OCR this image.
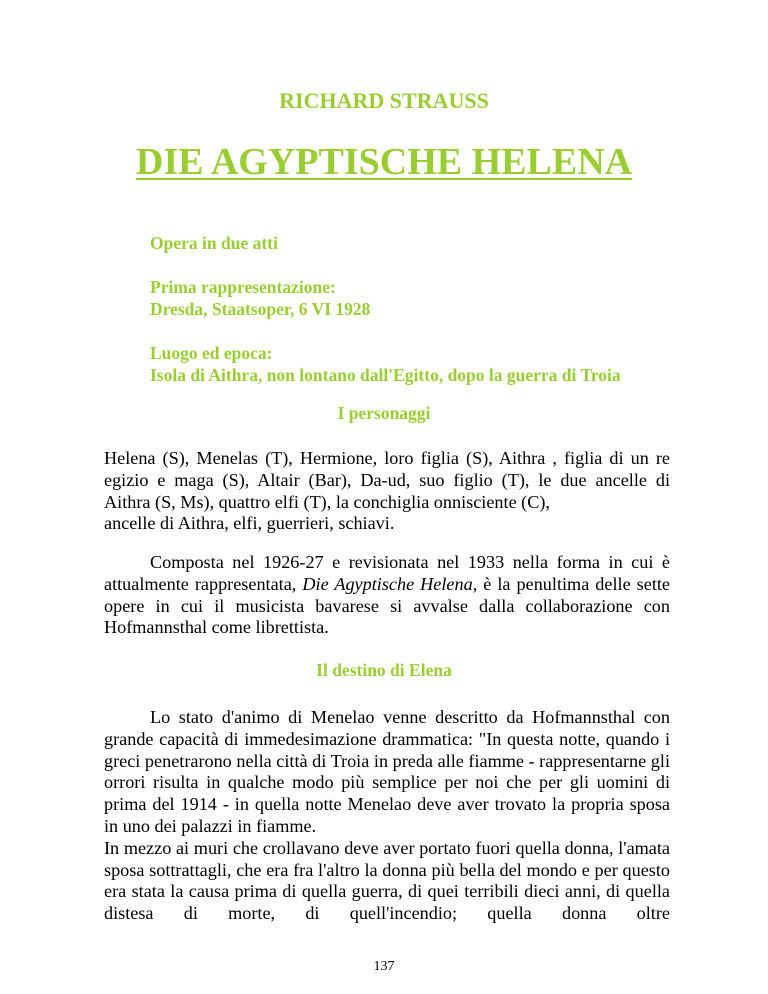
RICHARD STRAUSS
DIE AGYPTISCHE HELENA
Opera in due atti
Prima rappresentazione:
Dresda, Staatsoper, 6 VI 1928
Luogo ed epoca:
Isola di Aithra, non lontano dall'Egitto, dopo la guerra di Troia
I personaggi
Helena (S), Menelas (T), Hermione, loro figlia (S), Aithra , figlia di un re
egizio e maga (S), Altair (Bar), Da-ud, suo figlio (T), le due ancelle di
Aithra (S, Ms), quattro elfi (T), la conchiglia onnisciente (C),
ancelle di Aithra, elfi, guerrieri, schiavi.
Composta nel 1926-27 e revisionata nel 1933 nella forma in cui è attualmente rappresentata, Die Agyptische Helena, è la penultima delle sette opere in cui il musicista bavarese si avvalse dalla collaborazione con Hofmannsthal come librettista.
Il destino di Elena
Lo stato d'animo di Menelao venne descritto da Hofmannsthal con grande capacità di immedesimazione drammatica: "In questa notte, quando i greci penetrarono nella città di Troia in preda alle fiamme - rappresentarne gli orrori risulta in qualche modo più semplice per noi che per gli uomini di prima del 1914 - in quella notte Menelao deve aver trovato la propria sposa in uno dei palazzi in fiamme.
In mezzo ai muri che crollavano deve aver portato fuori quella donna, l'amata sposa sottrattagli, che era fra l'altro la donna più bella del mondo e per questo era stata la causa prima di quella guerra, di quei terribili dieci anni, di quella distesa di morte, di quell'incendio; quella donna oltre
137
